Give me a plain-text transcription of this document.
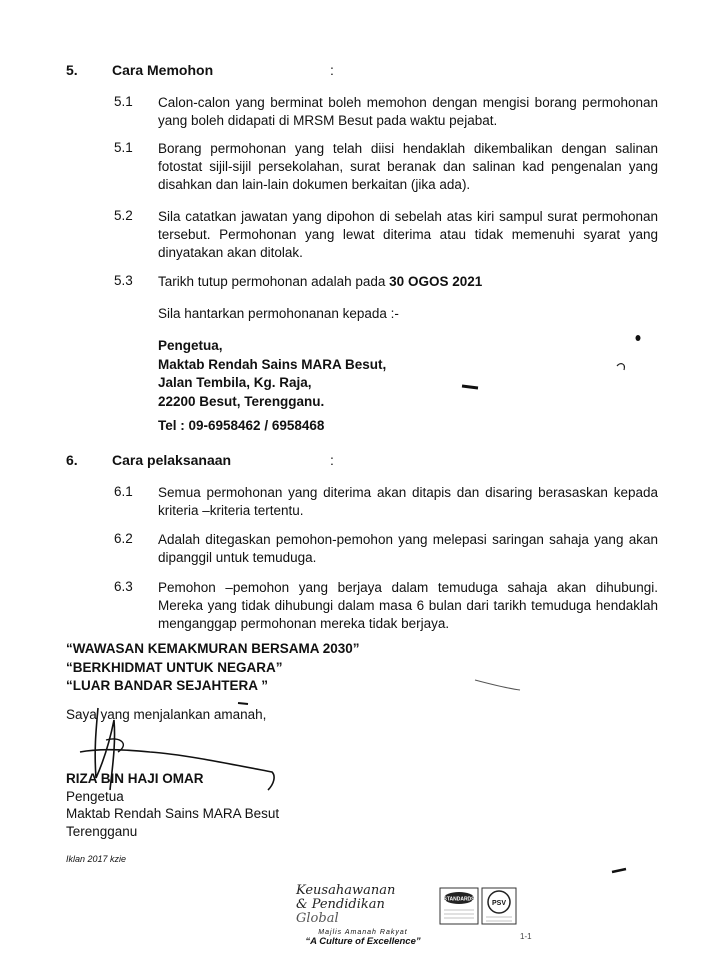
5. Cara Memohon	:
5.1 Calon-calon yang berminat boleh memohon dengan mengisi borang permohonan yang boleh didapati di MRSM Besut pada waktu pejabat.
5.1 Borang permohonan yang telah diisi hendaklah dikembalikan dengan salinan fotostat sijil-sijil persekolahan, surat beranak dan salinan kad pengenalan yang disahkan dan lain-lain dokumen berkaitan (jika ada).
5.2 Sila catatkan jawatan yang dipohon di sebelah atas kiri sampul surat permohonan tersebut. Permohonan yang lewat diterima atau tidak memenuhi syarat yang dinyatakan akan ditolak.
5.3 Tarikh tutup permohonan adalah pada 30 OGOS 2021
Sila hantarkan permohonanan kepada :-
Pengetua,
Maktab Rendah Sains MARA Besut,
Jalan Tembila, Kg. Raja,
22200 Besut, Terengganu.
Tel : 09-6958462 / 6958468
6. Cara pelaksanaan	:
6.1 Semua permohonan yang diterima akan ditapis dan disaring berasaskan kepada kriteria –kriteria tertentu.
6.2 Adalah ditegaskan pemohon-pemohon yang melepasi saringan sahaja yang akan dipanggil untuk temuduga.
6.3 Pemohon –pemohon yang berjaya dalam temuduga sahaja akan dihubungi. Mereka yang tidak dihubungi dalam masa 6 bulan dari tarikh temuduga hendaklah menganggap permohonan mereka tidak berjaya.
“WAWASAN KEMAKMURAN BERSAMA 2030”
“BERKHIDMAT UNTUK NEGARA”
“LUAR BANDAR SEJAHTERA ”
Saya yang menjalankan amanah,
RIZA BIN HAJI OMAR
Pengetua
Maktab Rendah Sains MARA Besut
Terengganu
Iklan 2017 kzie
Keusahawanan
& Pendidikan Global
Majlis Amanah Rakyat
“A Culture of Excellence”
STANDARDS
PSV
1-1
